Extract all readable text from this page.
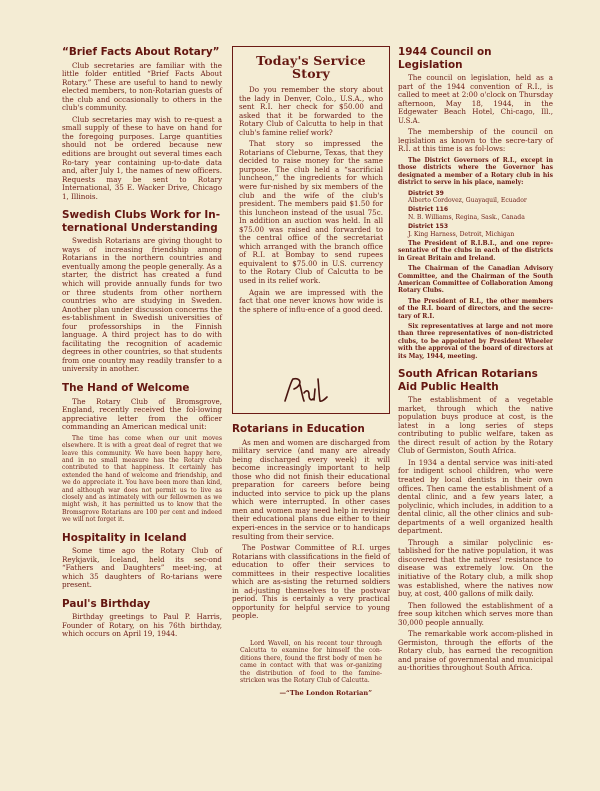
“Brief Facts About Rotary”

Club secretaries are familiar with the little folder entitled “Brief Facts About Rotary.” These are useful to hand to newly elected members, to non-Rotarian guests of the club and occasionally to others in the club's community.

Club secretaries may wish to re-quest a small supply of these to have on hand for the foregoing purposes. Large quantities should not be ordered because new editions are brought out several times each Ro-tary year containing up-to-date data and, after July 1, the names of new officers. Requests may be sent to Rotary International, 35 E. Wacker Drive, Chicago 1, Illinois.

Swedish Clubs Work for In-ternational Understanding

Swedish Rotarians are giving thought to ways of increasing friendship among Rotarians in the northern countries and eventually among the people generally. As a starter, the district has created a fund which will provide annually funds for two or three students from other northern countries who are studying in Sweden. Another plan under discussion concerns the es-tablishment in Swedish universities of four professorships in the Finnish language. A third project has to do with facilitating the recognition of academic degrees in other countries, so that students from one country may readily transfer to a university in another.

The Hand of Welcome

The Rotary Club of Bromsgrove, England, recently received the fol-lowing appreciative letter from the officer commanding an American medical unit:

The time has come when our unit moves elsewhere. It is with a great deal of regret that we leave this community. We have been happy here, and in no small measure has the Rotary club contributed to that happiness. It certainly has extended the hand of welcome and friendship, and we do appreciate it. You have been more than kind, and although war does not permit us to live as closely and as intimately with our fellowmen as we might wish, it has permitted us to know that the Bromsgrove Rotarians are 100 per cent and indeed we will not forget it.

Hospitality in Iceland

Some time ago the Rotary Club of Reykjavik, Iceland, held its sec-ond “Fathers and Daughters” meet-ing, at which 35 daughters of Ro-tarians were present.

Paul's Birthday

Birthday greetings to Paul P. Harris, Founder of Rotary, on his 76th birthday, which occurs on April 19, 1944.

Today's Service Story

Do you remember the story about the lady in Denver, Colo., U.S.A., who sent R.I. her check for $50.00 and asked that it be forwarded to the Rotary Club of Calcutta to help in that club's famine relief work?

That story so impressed the Rotarians of Cleburne, Texas, that they decided to raise money for the same purpose. The club held a “sacrificial luncheon,” the ingredients for which were fur-nished by six members of the club and the wife of the club's president. The members paid $1.50 for this luncheon instead of the usual 75c. In addition an auction was held. In all $75.00 was raised and forwarded to the central office of the secretariat which arranged with the branch office of R.I. at Bombay to send rupees equivalent to $75.00 in U.S. currency to the Rotary Club of Calcutta to be used in its relief work.

Again we are impressed with the fact that one never knows how wide is the sphere of influ-ence of a good deed.

Rotarians in Education

As men and women are discharged from military service (and many are already being discharged every week) it will become increasingly important to help those who did not finish their educational preparation for careers before being inducted into service to pick up the plans which were interrupted. In other cases men and women may need help in revising their educational plans due either to their experi-ences in the service or to handicaps resulting from their service.

The Postwar Committee of R.I. urges Rotarians with classifications in the field of education to offer their services to committees in their respective localities which are as-sisting the returned soldiers in ad-justing themselves to the postwar period. This is certainly a very practical opportunity for helpful service to young people.

Lord Wavell, on his recent tour through Calcutta to examine for himself the con-ditions there, found the first body of men he came in contact with that was or-ganizing the distribution of food to the famine-stricken was the Rotary Club of Calcutta.

—“The London Rotarian”
1944 Council on Legislation

The council on legislation, held as a part of the 1944 convention of R.I., is called to meet at 2:00 o'clock on Thursday afternoon, May 18, 1944, in the Edgewater Beach Hotel, Chi-cago, Ill., U.S.A.

The membership of the council on legislation as known to the secre-tary of R.I. at this time is as fol-lows:

The District Governors of R.I., except in those districts where the Governor has designated a member of a Rotary club in his district to serve in his place, namely:

District 39
Alberto Cordovez, Guayaquil, Ecuador
District 116
N. B. Williams, Regina, Sask., Canada
District 153
J. King Harness, Detroit, Michigan

The President of R.I.B.I., and one repre-sentative of the clubs in each of the districts in Great Britain and Ireland.

The Chairman of the Canadian Advisory Committee, and the Chairman of the South American Committee of Collaboration Among Rotary Clubs.

The President of R.I., the other members of the R.I. board of directors, and the secre-tary of R.I.

Six representatives at large and not more than three representatives of non-districted clubs, to be appointed by President Wheeler with the approval of the board of directors at its May, 1944, meeting.

South African Rotarians Aid Public Health

The establishment of a vegetable market, through which the native population buys produce at cost, is the latest in a long series of steps contributing to public welfare, taken as the direct result of action by the Rotary Club of Germiston, South Africa.

In 1934 a dental service was initi-ated for indigent school children, who were treated by local dentists in their own offices. Then came the establishment of a dental clinic, and a few years later, a polyclinic, which includes, in addition to a dental clinic, all the other clinics and sub-departments of a well organized health department.

Through a similar polyclinic es-tablished for the native population, it was discovered that the natives' resistance to disease was extremely low. On the initiative of the Rotary club, a milk shop was established, where the natives now buy, at cost, 400 gallons of milk daily.

Then followed the establishment of a free soup kitchen which serves more than 30,000 people annually.

The remarkable work accom-plished in Germiston, through the efforts of the Rotary club, has earned the recognition and praise of governmental and municipal au-thorities throughout South Africa.
